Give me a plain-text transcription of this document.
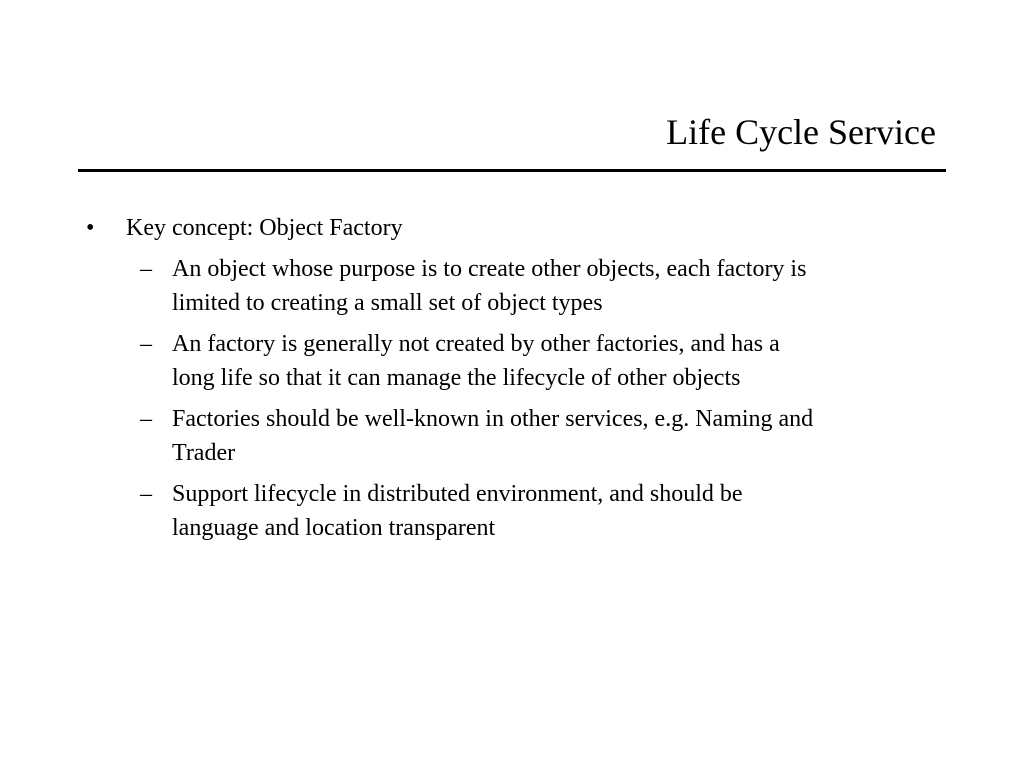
Life Cycle Service
•	Key concept: Object Factory
– An object whose purpose is to create other objects, each factory is
limited to creating a small set of object types
– An factory is generally not created by other factories, and has a
long life so that it can manage the lifecycle of other objects
– Factories should be well-known in other services, e.g. Naming and
Trader
– Support lifecycle in distributed environment, and should be
language and location transparent
